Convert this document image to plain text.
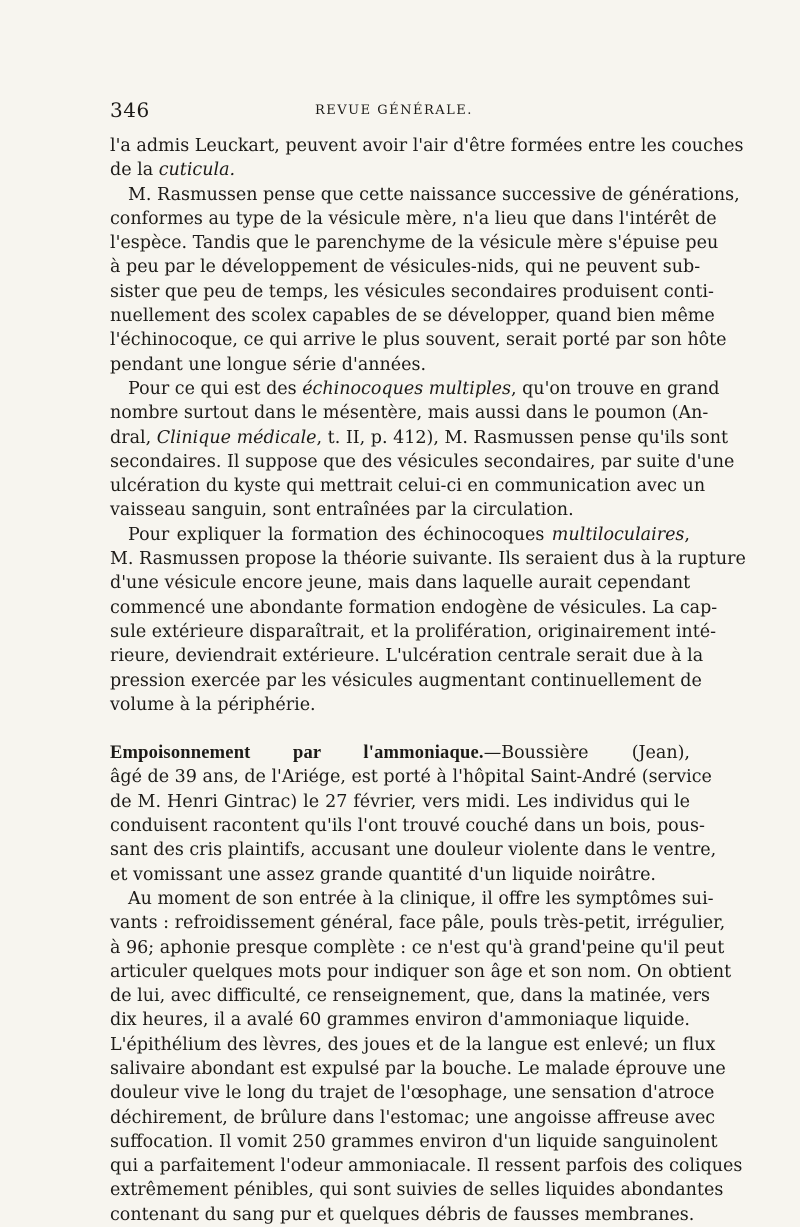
346	REVUE GÉNÉRALE.
l'a admis Leuckart, peuvent avoir l'air d'être formées entre les couches
de la cuticula.
M. Rasmussen pense que cette naissance successive de générations,
conformes au type de la vésicule mère, n'a lieu que dans l'intérêt de
l'espèce. Tandis que le parenchyme de la vésicule mère s'épuise peu
à peu par le développement de vésicules-nids, qui ne peuvent sub-
sister que peu de temps, les vésicules secondaires produisent conti-
nuellement des scolex capables de se développer, quand bien même
l'échinocoque, ce qui arrive le plus souvent, serait porté par son hôte
pendant une longue série d'années.
Pour ce qui est des échinocoques multiples, qu'on trouve en grand
nombre surtout dans le mésentère, mais aussi dans le poumon (An-
dral, Clinique médicale, t. II, p. 412), M. Rasmussen pense qu'ils sont
secondaires. Il suppose que des vésicules secondaires, par suite d'une
ulcération du kyste qui mettrait celui-ci en communication avec un
vaisseau sanguin, sont entraînées par la circulation.
Pour expliquer la formation des échinocoques multiloculaires,
M. Rasmussen propose la théorie suivante. Ils seraient dus à la rupture
d'une vésicule encore jeune, mais dans laquelle aurait cependant
commencé une abondante formation endogène de vésicules. La cap-
sule extérieure disparaîtrait, et la prolifération, originairement inté-
rieure, deviendrait extérieure. L'ulcération centrale serait due à la
pression exercée par les vésicules augmentant continuellement de
volume à la périphérie.
Empoisonnement par l'ammoniaque.—Boussière (Jean),
âgé de 39 ans, de l'Ariége, est porté à l'hôpital Saint-André (service
de M. Henri Gintrac) le 27 février, vers midi. Les individus qui le
conduisent racontent qu'ils l'ont trouvé couché dans un bois, pous-
sant des cris plaintifs, accusant une douleur violente dans le ventre,
et vomissant une assez grande quantité d'un liquide noirâtre.
Au moment de son entrée à la clinique, il offre les symptômes sui-
vants : refroidissement général, face pâle, pouls très-petit, irrégulier,
à 96; aphonie presque complète : ce n'est qu'à grand'peine qu'il peut
articuler quelques mots pour indiquer son âge et son nom. On obtient
de lui, avec difficulté, ce renseignement, que, dans la matinée, vers
dix heures, il a avalé 60 grammes environ d'ammoniaque liquide.
L'épithélium des lèvres, des joues et de la langue est enlevé; un flux
salivaire abondant est expulsé par la bouche. Le malade éprouve une
douleur vive le long du trajet de l'œsophage, une sensation d'atroce
déchirement, de brûlure dans l'estomac; une angoisse affreuse avec
suffocation. Il vomit 250 grammes environ d'un liquide sanguinolent
qui a parfaitement l'odeur ammoniacale. Il ressent parfois des coliques
extrêmement pénibles, qui sont suivies de selles liquides abondantes
contenant du sang pur et quelques débris de fausses membranes.
